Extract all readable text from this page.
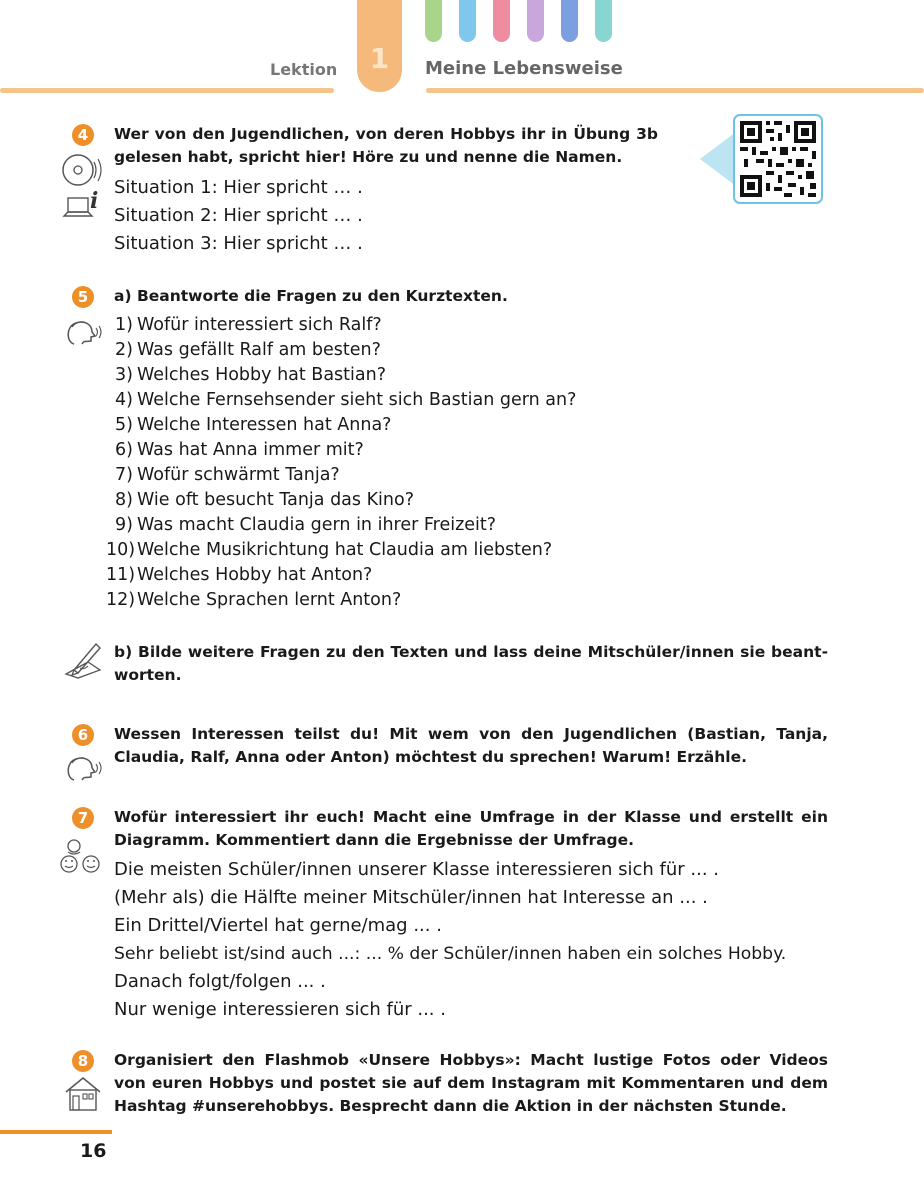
Lektion	1	Meine Lebensweise
4
i
Wer von den Jugendlichen, von deren Hobbys ihr in Übung 3b gelesen habt, spricht hier! Höre zu und nenne die Namen.
Situation 1: Hier spricht … .
Situation 2: Hier spricht … .
Situation 3: Hier spricht … .
5	a) Beantworte die Fragen zu den Kurztexten.
1) Wofür interessiert sich Ralf?
2) Was gefällt Ralf am besten?
3) Welches Hobby hat Bastian?
4) Welche Fernsehsender sieht sich Bastian gern an?
5) Welche Interessen hat Anna?
6) Was hat Anna immer mit?
7) Wofür schwärmt Tanja?
8) Wie oft besucht Tanja das Kino?
9) Was macht Claudia gern in ihrer Freizeit?
10) Welche Musikrichtung hat Claudia am liebsten?
11) Welches Hobby hat Anton?
12) Welche Sprachen lernt Anton?
b) Bilde weitere Fragen zu den Texten und lass deine Mitschüler/innen sie beantworten.
6	Wessen Interessen teilst du! Mit wem von den Jugendlichen (Bastian, Tanja, Claudia, Ralf, Anna oder Anton) möchtest du sprechen! Warum! Erzähle.
7	Wofür interessiert ihr euch! Macht eine Umfrage in der Klasse und erstellt ein Diagramm. Kommentiert dann die Ergebnisse der Umfrage.
Die meisten Schüler/innen unserer Klasse interessieren sich für ... .
(Mehr als) die Hälfte meiner Mitschüler/innen hat Interesse an ... .
Ein Drittel/Viertel hat gerne/mag ... .
Sehr beliebt ist/sind auch ...: ... % der Schüler/innen haben ein solches Hobby.
Danach folgt/folgen ... .
Nur wenige interessieren sich für ... .
8	Organisiert den Flashmob «Unsere Hobbys»: Macht lustige Fotos oder Videos von euren Hobbys und postet sie auf dem Instagram mit Kommentaren und dem Hashtag #unserehobbys. Besprecht dann die Aktion in der nächsten Stunde.
16
